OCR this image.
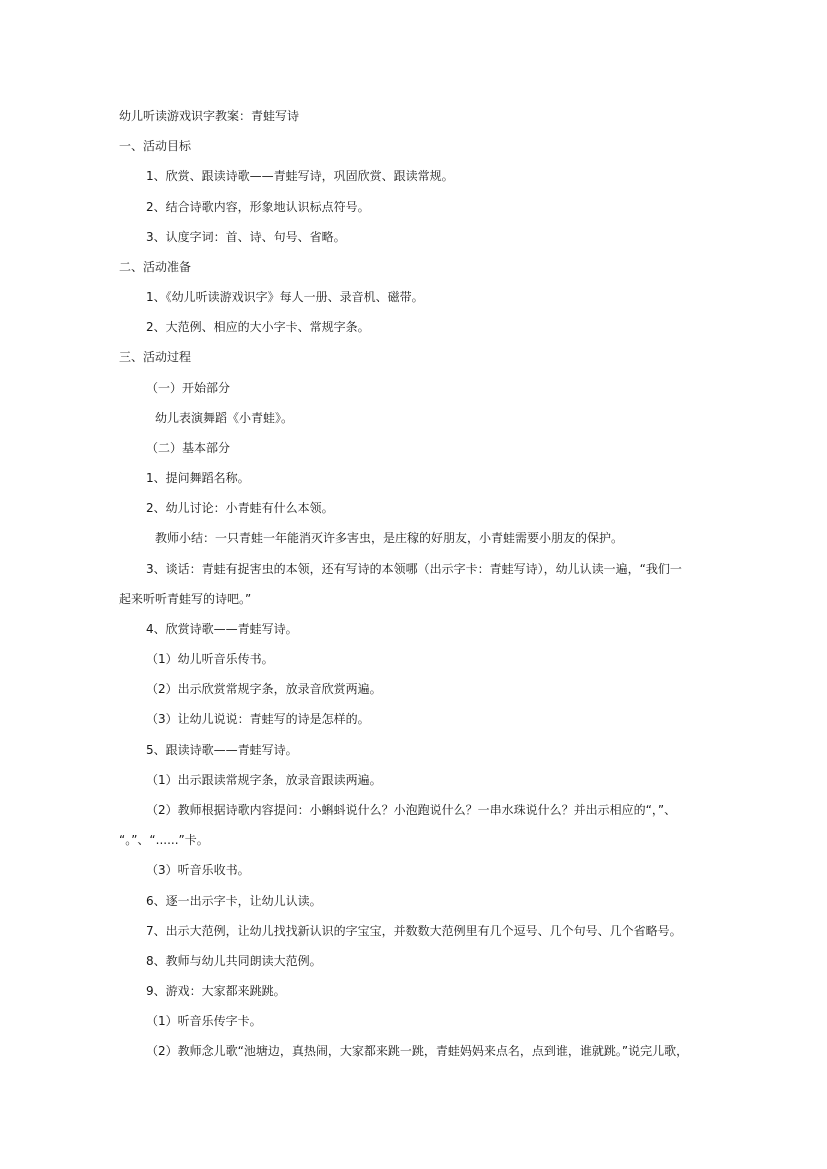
幼儿听读游戏识字教案：青蛙写诗
一、活动目标
1、欣赏、跟读诗歌——青蛙写诗，巩固欣赏、跟读常规。
2、结合诗歌内容，形象地认识标点符号。
3、认度字词：首、诗、句号、省略。
二、活动准备
1、《幼儿听读游戏识字》每人一册、录音机、磁带。
2、大范例、相应的大小字卡、常规字条。
三、活动过程
（一）开始部分
幼儿表演舞蹈《小青蛙》。
（二）基本部分
1、提问舞蹈名称。
2、幼儿讨论：小青蛙有什么本领。
教师小结：一只青蛙一年能消灭许多害虫，是庄稼的好朋友，小青蛙需要小朋友的保护。
3、谈话：青蛙有捉害虫的本领，还有写诗的本领哪（出示字卡：青蛙写诗），幼儿认读一遍，“我们一
起来听听青蛙写的诗吧。”
4、欣赏诗歌——青蛙写诗。
（1）幼儿听音乐传书。
（2）出示欣赏常规字条，放录音欣赏两遍。
（3）让幼儿说说：青蛙写的诗是怎样的。
5、跟读诗歌——青蛙写诗。
（1）出示跟读常规字条，放录音跟读两遍。
（2）教师根据诗歌内容提问：小蝌蚪说什么？小泡跑说什么？一串水珠说什么？并出示相应的“，”、
“。”、“......”卡。
（3）听音乐收书。
6、逐一出示字卡，让幼儿认读。
7、出示大范例，让幼儿找找新认识的字宝宝，并数数大范例里有几个逗号、几个句号、几个省略号。
8、教师与幼儿共同朗读大范例。
9、游戏：大家都来跳跳。
（1）听音乐传字卡。
（2）教师念儿歌“池塘边，真热闹，大家都来跳一跳，青蛙妈妈来点名，点到谁，谁就跳。”说完儿歌，
